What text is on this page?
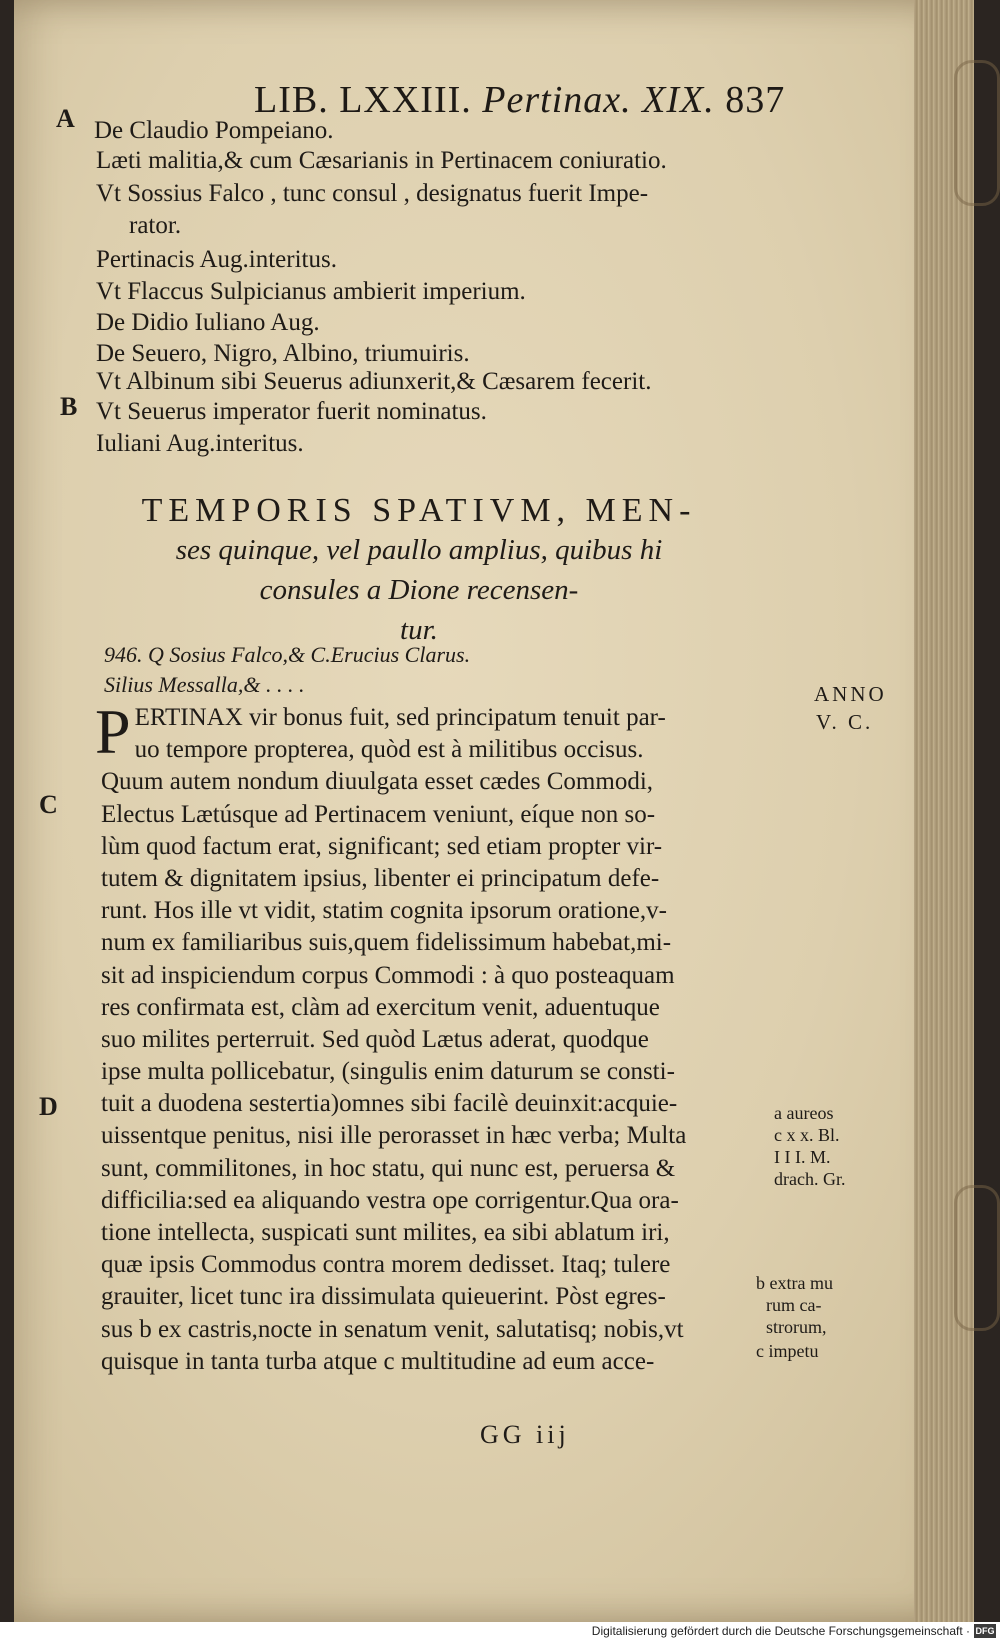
LIB. LXXIII. Pertinax. XIX. 837
A
B
C
D
De Claudio Pompeiano.
Læti malitia,& cum Cæsarianis in Pertinacem coniuratio.
Vt Sossius Falco , tunc consul , designatus fuerit Impe-
rator.
Pertinacis Aug.interitus.
Vt Flaccus Sulpicianus ambierit imperium.
De Didio Iuliano Aug.
De Seuero, Nigro, Albino, triumuiris.
Vt Albinum sibi Seuerus adiunxerit,& Cæsarem fecerit.
Vt Seuerus imperator fuerit nominatus.
Iuliani Aug.interitus.
TEMPORIS SPATIVM, MEN-
ses quinque, vel paullo amplius, quibus hi
consules a Dione recensen-
tur.
946. Q Sosius Falco,& C.Erucius Clarus.
Silius Messalla,& . . . .	ANNO
V. C.
P ERTINAX vir bonus fuit, sed principatum tenuit par-
uo tempore propterea, quòd est à militibus occisus.
Quum autem nondum diuulgata esset cædes Commodi,
Electus Lætúsque ad Pertinacem veniunt, eíque non so-
lùm quod factum erat, significant; sed etiam propter vir-
tutem & dignitatem ipsius, libenter ei principatum defe-
runt. Hos ille vt vidit, statim cognita ipsorum oratione,v-
num ex familiaribus suis,quem fidelissimum habebat,mi-
sit ad inspiciendum corpus Commodi : à quo posteaquam
res confirmata est, clàm ad exercitum venit, aduentuque
suo milites perterruit. Sed quòd Lætus aderat, quodque
ipse multa pollicebatur, (singulis enim daturum se consti-
tuit a duodena sestertia)omnes sibi facilè deuinxit:acquie-
uissentque penitus, nisi ille perorasset in hæc verba; Multa
sunt, commilitones, in hoc statu, qui nunc est, peruersa &
difficilia:sed ea aliquando vestra ope corrigentur.Qua ora-
tione intellecta, suspicati sunt milites, ea sibi ablatum iri,
quæ ipsis Commodus contra morem dedisset. Itaq; tulere
grauiter, licet tunc ira dissimulata quieuerint. Pòst egres-
sus b ex castris,nocte in senatum venit, salutatisq; nobis,vt
quisque in tanta turba atque c multitudine ad eum acce-
a aureos
c x x. Bl.
I I I. M.
drach. Gr.
b extra mu
rum ca-
strorum,
c impetu
GG iij
Digitalisierung gefördert durch die Deutsche Forschungsgemeinschaft · DFG
